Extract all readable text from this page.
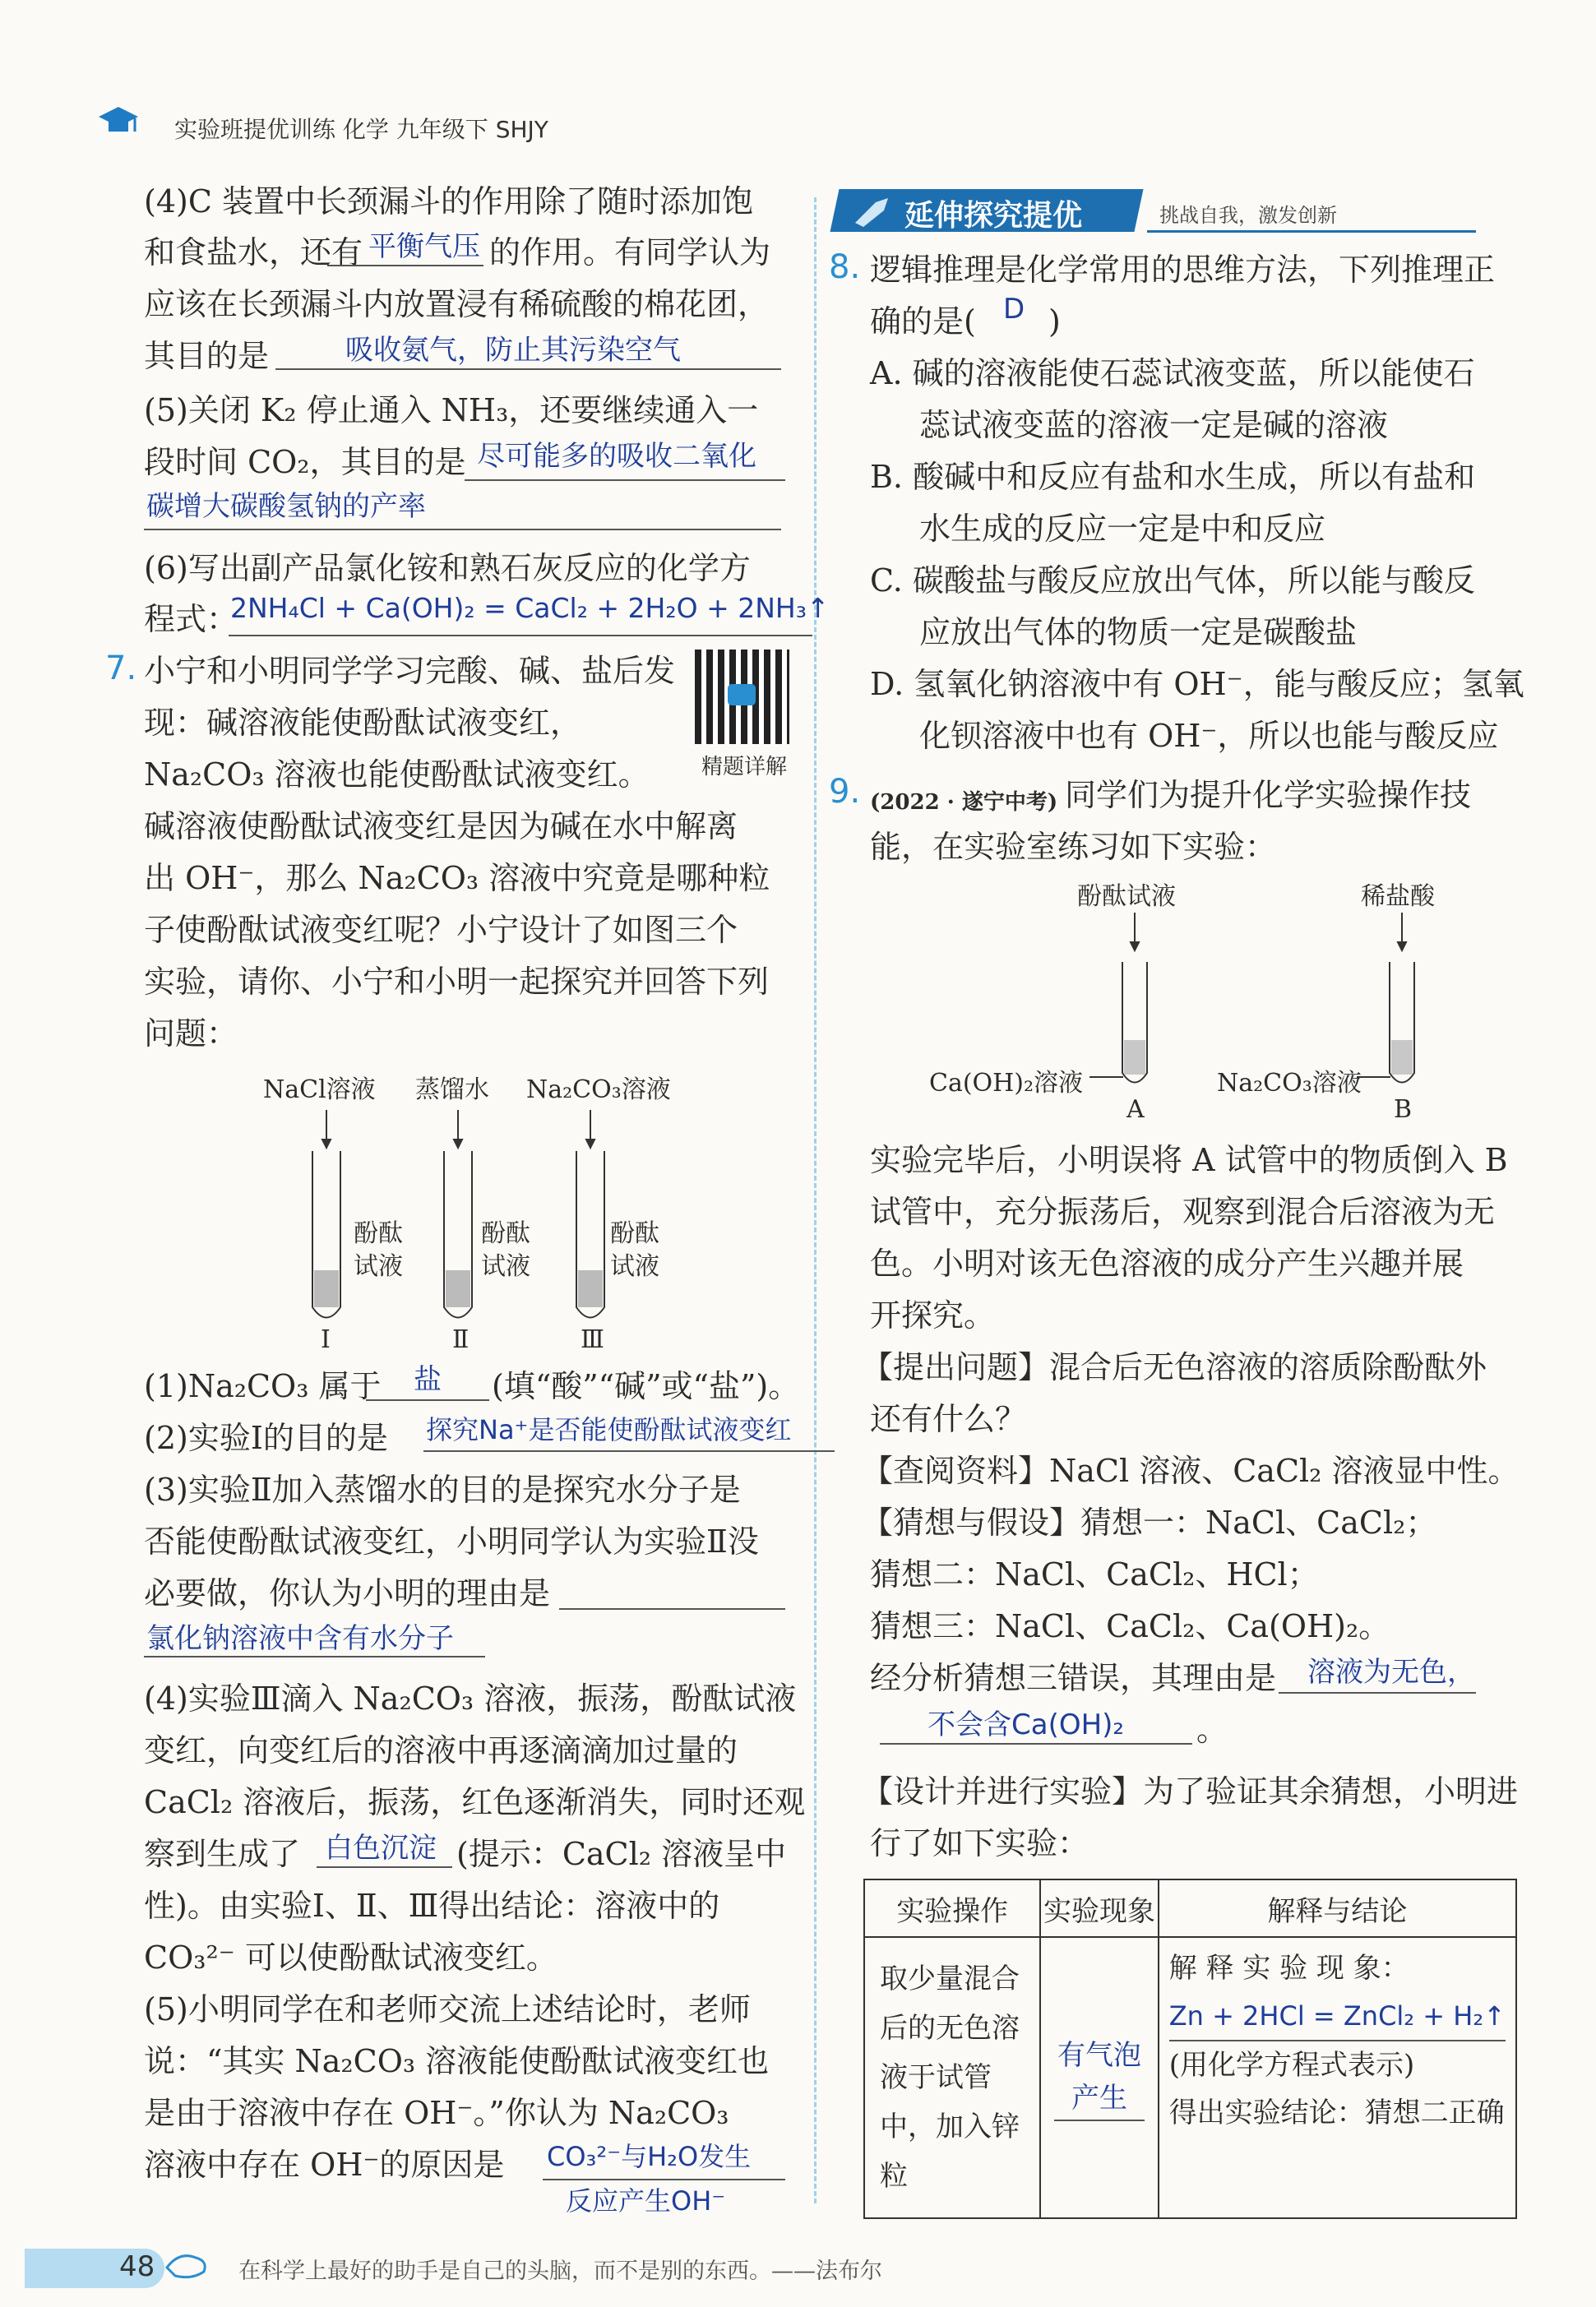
实验班提优训练 化学 九年级下 SHJY
(4)C 装置中长颈漏斗的作用除了随时添加饱
和食盐水，还有 平衡气压 的作用。有同学认为
应该在长颈漏斗内放置浸有稀硫酸的棉花团，
其目的是	吸收氨气，防止其污染空气
(5)关闭 K₂ 停止通入 NH₃，还要继续通入一
段时间 CO₂，其目的是 尽可能多的吸收二氧化
碳增大碳酸氢钠的产率
(6)写出副产品氯化铵和熟石灰反应的化学方
程式：
2NH₄Cl + Ca(OH)₂ = CaCl₂ + 2H₂O + 2NH₃↑
7. 小宁和小明同学学习完酸、碱、盐后发
现：碱溶液能使酚酞试液变红，
Na₂CO₃ 溶液也能使酚酞试液变红。 精题详解
碱溶液使酚酞试液变红是因为碱在水中解离
出 OH⁻，那么 Na₂CO₃ 溶液中究竟是哪种粒
子使酚酞试液变红呢？小宁设计了如图三个
实验，请你、小宁和小明一起探究并回答下列
问题：
NaCl溶液 蒸馏水 Na₂CO₃溶液
酚酞
试液
酚酞
试液
酚酞
试液
Ⅰ	Ⅱ	Ⅲ
(1)Na₂CO₃ 属于 盐 (填“酸”“碱”或“盐”)。
(2)实验Ⅰ的目的是 探究Na⁺是否能使酚酞试液变红
(3)实验Ⅱ加入蒸馏水的目的是探究水分子是
否能使酚酞试液变红，小明同学认为实验Ⅱ没
必要做，你认为小明的理由是
氯化钠溶液中含有水分子
(4)实验Ⅲ滴入 Na₂CO₃ 溶液，振荡，酚酞试液
变红，向变红后的溶液中再逐滴滴加过量的
CaCl₂ 溶液后，振荡，红色逐渐消失，同时还观
察到生成了 白色沉淀 (提示：CaCl₂ 溶液呈中
性)。由实验Ⅰ、Ⅱ、Ⅲ得出结论：溶液中的
CO₃²⁻ 可以使酚酞试液变红。
(5)小明同学在和老师交流上述结论时，老师
说：“其实 Na₂CO₃ 溶液能使酚酞试液变红也
是由于溶液中存在 OH⁻。”你认为 Na₂CO₃
溶液中存在 OH⁻的原因是 CO₃²⁻与H₂O发生
反应产生OH⁻
延伸探究提优	挑战自我，激发创新
8. 逻辑推理是化学常用的思维方法，下列推理正
确的是( D )
A. 碱的溶液能使石蕊试液变蓝，所以能使石
蕊试液变蓝的溶液一定是碱的溶液
B. 酸碱中和反应有盐和水生成，所以有盐和
水生成的反应一定是中和反应
C. 碳酸盐与酸反应放出气体，所以能与酸反
应放出气体的物质一定是碳酸盐
D. 氢氧化钠溶液中有 OH⁻，能与酸反应；氢氧
化钡溶液中也有 OH⁻，所以也能与酸反应
9. (2022 · 遂宁中考) 同学们为提升化学实验操作技
能，在实验室练习如下实验：
酚酞试液	稀盐酸
Ca(OH)₂溶液	Na₂CO₃溶液
A	B
实验完毕后，小明误将 A 试管中的物质倒入 B
试管中，充分振荡后，观察到混合后溶液为无
色。小明对该无色溶液的成分产生兴趣并展
开探究。
【提出问题】混合后无色溶液的溶质除酚酞外
还有什么？
【查阅资料】NaCl 溶液、CaCl₂ 溶液显中性。
【猜想与假设】猜想一：NaCl、CaCl₂；
猜想二：NaCl、CaCl₂、HCl；
猜想三：NaCl、CaCl₂、Ca(OH)₂。
经分析猜想三错误，其理由是 溶液为无色，
不会含Ca(OH)₂ 。
【设计并进行实验】为了验证其余猜想，小明进
行了如下实验：
实验操作	实验现象	解释与结论
取少量混合后的无色溶液于试管中，加入锌粒	有气泡产生	解 释 实 验 现 象：
Zn + 2HCl = ZnCl₂ + H₂↑
(用化学方程式表示)
得出实验结论：猜想二正确
48	在科学上最好的助手是自己的头脑，而不是别的东西。——法布尔
